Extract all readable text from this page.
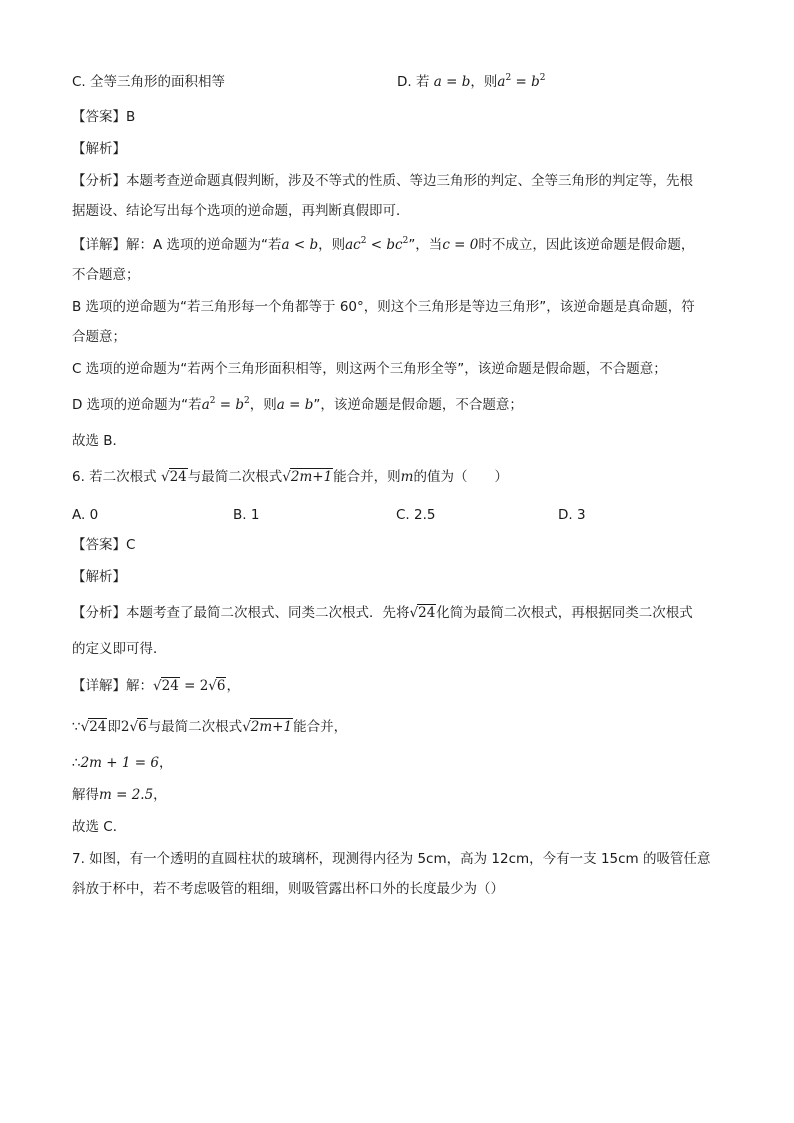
C. 全等三角形的面积相等	D. 若 a = b，则$a^2 = b^2$
【答案】B
【解析】
【分析】本题考查逆命题真假判断，涉及不等式的性质、等边三角形的判定、全等三角形的判定等，先根
据题设、结论写出每个选项的逆命题，再判断真假即可．
【详解】解：A 选项的逆命题为“若a < b，则$ac^2 < bc^2$”，当c = 0时不成立，因此该逆命题是假命题，
不合题意；
B 选项的逆命题为“若三角形每一个角都等于 60°，则这个三角形是等边三角形”，该逆命题是真命题，符
合题意；
C 选项的逆命题为“若两个三角形面积相等，则这两个三角形全等”，该逆命题是假命题，不合题意；
D 选项的逆命题为“若$a^2 = b^2$，则a = b”，该逆命题是假命题，不合题意；
故选 B．
6. 若二次根式 √24与最简二次根式√2m+1能合并，则m的值为（　　）
A. 0	B. 1	C. 2.5	D. 3
【答案】C
【解析】
【分析】本题考查了最简二次根式、同类二次根式．先将√24化简为最简二次根式，再根据同类二次根式
的定义即可得．
【详解】解：√24 = 2√6，
∵√24即2√6与最简二次根式√2m+1能合并，
∴2m + 1 = 6，
解得m = 2.5，
故选 C．
7. 如图，有一个透明的直圆柱状的玻璃杯，现测得内径为 5cm，高为 12cm，今有一支 15cm 的吸管任意
斜放于杯中，若不考虑吸管的粗细，则吸管露出杯口外的长度最少为（）
